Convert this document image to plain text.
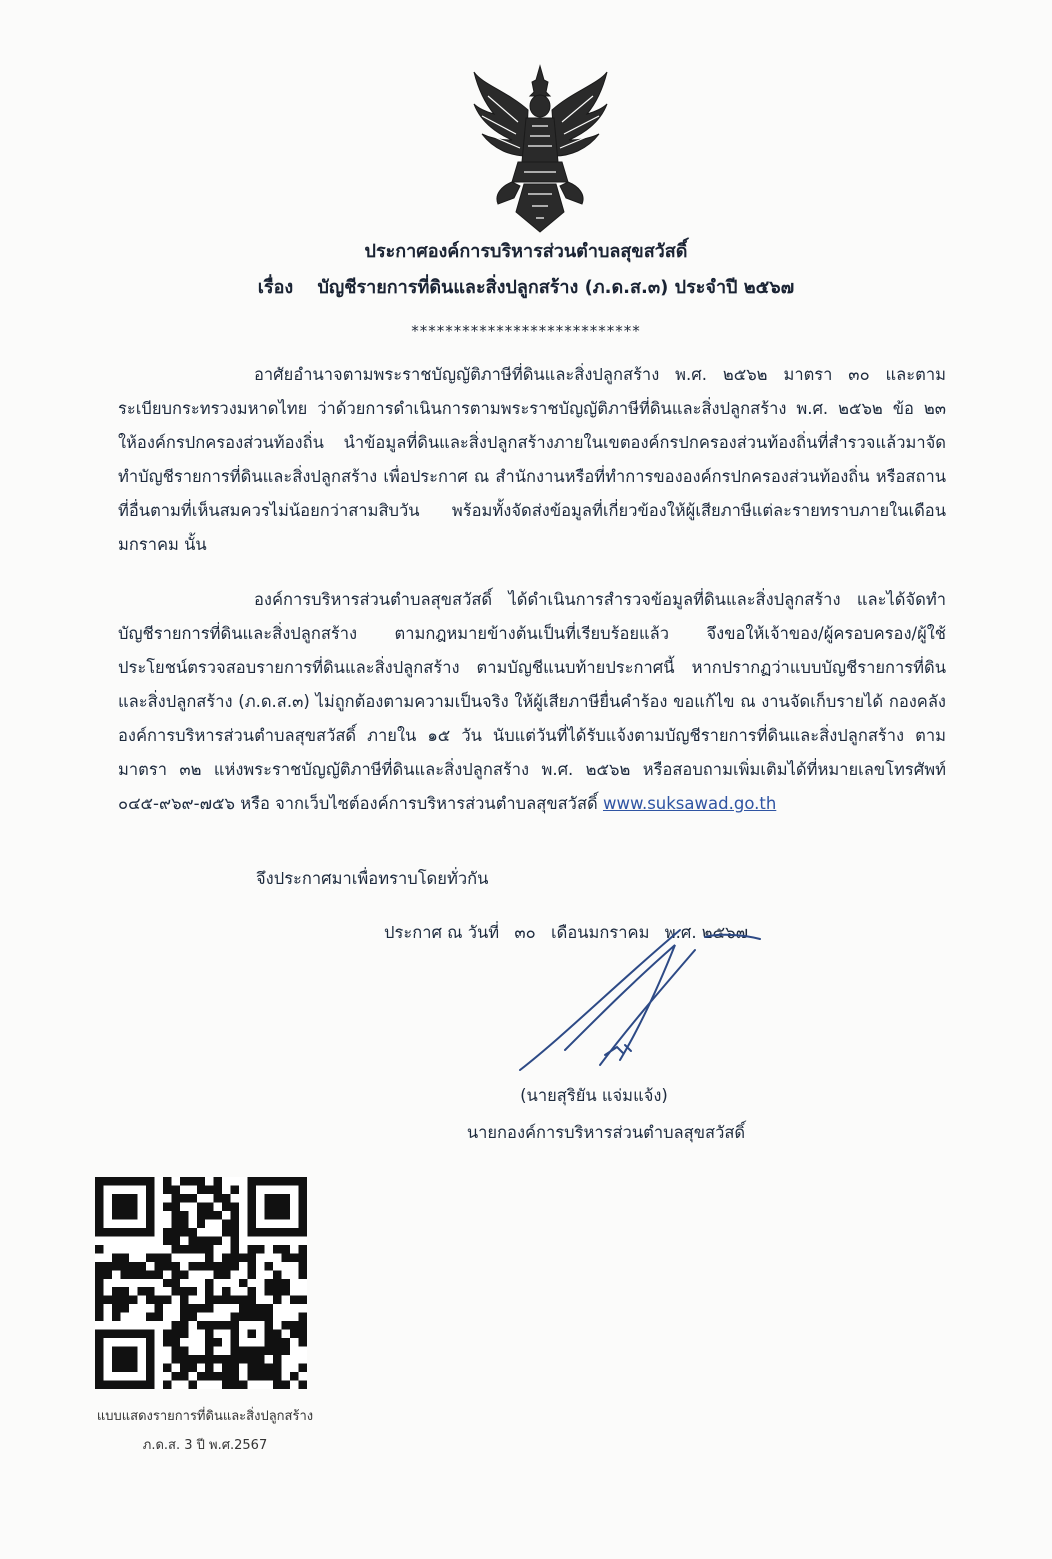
ประกาศองค์การบริหารส่วนตำบลสุขสวัสดิ์
เรื่อง บัญชีรายการที่ดินและสิ่งปลูกสร้าง (ภ.ด.ส.๓) ประจำปี ๒๕๖๗
***************************
อาศัยอำนาจตามพระราชบัญญัติภาษีที่ดินและสิ่งปลูกสร้าง พ.ศ. ๒๕๖๒ มาตรา ๓๐ และตามระเบียบกระทรวงมหาดไทย ว่าด้วยการดำเนินการตามพระราชบัญญัติภาษีที่ดินและสิ่งปลูกสร้าง พ.ศ. ๒๕๖๒ ข้อ ๒๓ ให้องค์กรปกครองส่วนท้องถิ่น นำข้อมูลที่ดินและสิ่งปลูกสร้างภายในเขตองค์กรปกครองส่วนท้องถิ่นที่สำรวจแล้วมาจัดทำบัญชีรายการที่ดินและสิ่งปลูกสร้าง เพื่อประกาศ ณ สำนักงานหรือที่ทำการขององค์กรปกครองส่วนท้องถิ่น หรือสถานที่อื่นตามที่เห็นสมควรไม่น้อยกว่าสามสิบวัน พร้อมทั้งจัดส่งข้อมูลที่เกี่ยวข้องให้ผู้เสียภาษีแต่ละรายทราบภายในเดือนมกราคม นั้น
องค์การบริหารส่วนตำบลสุขสวัสดิ์ ได้ดำเนินการสำรวจข้อมูลที่ดินและสิ่งปลูกสร้าง และได้จัดทำบัญชีรายการที่ดินและสิ่งปลูกสร้าง ตามกฎหมายข้างต้นเป็นที่เรียบร้อยแล้ว จึงขอให้เจ้าของ/ผู้ครอบครอง/ผู้ใช้ประโยชน์ตรวจสอบรายการที่ดินและสิ่งปลูกสร้าง ตามบัญชีแนบท้ายประกาศนี้ หากปรากฏว่าแบบบัญชีรายการที่ดินและสิ่งปลูกสร้าง (ภ.ด.ส.๓) ไม่ถูกต้องตามความเป็นจริง ให้ผู้เสียภาษียื่นคำร้อง ขอแก้ไข ณ งานจัดเก็บรายได้ กองคลัง องค์การบริหารส่วนตำบลสุขสวัสดิ์ ภายใน ๑๕ วัน นับแต่วันที่ได้รับแจ้งตามบัญชีรายการที่ดินและสิ่งปลูกสร้าง ตามมาตรา ๓๒ แห่งพระราชบัญญัติภาษีที่ดินและสิ่งปลูกสร้าง พ.ศ. ๒๕๖๒ หรือสอบถามเพิ่มเติมได้ที่หมายเลขโทรศัพท์ ๐๔๕-๙๖๙-๗๕๖ หรือ จากเว็บไซต์องค์การบริหารส่วนตำบลสุขสวัสดิ์ www.suksawad.go.th
จึงประกาศมาเพื่อทราบโดยทั่วกัน
ประกาศ ณ วันที่ ๓๐ เดือนมกราคม พ.ศ. ๒๕๖๗
(นายสุริยัน แจ่มแจ้ง)
นายกองค์การบริหารส่วนตำบลสุขสวัสดิ์
แบบแสดงรายการที่ดินและสิ่งปลูกสร้าง
ภ.ด.ส. 3 ปี พ.ศ.2567
